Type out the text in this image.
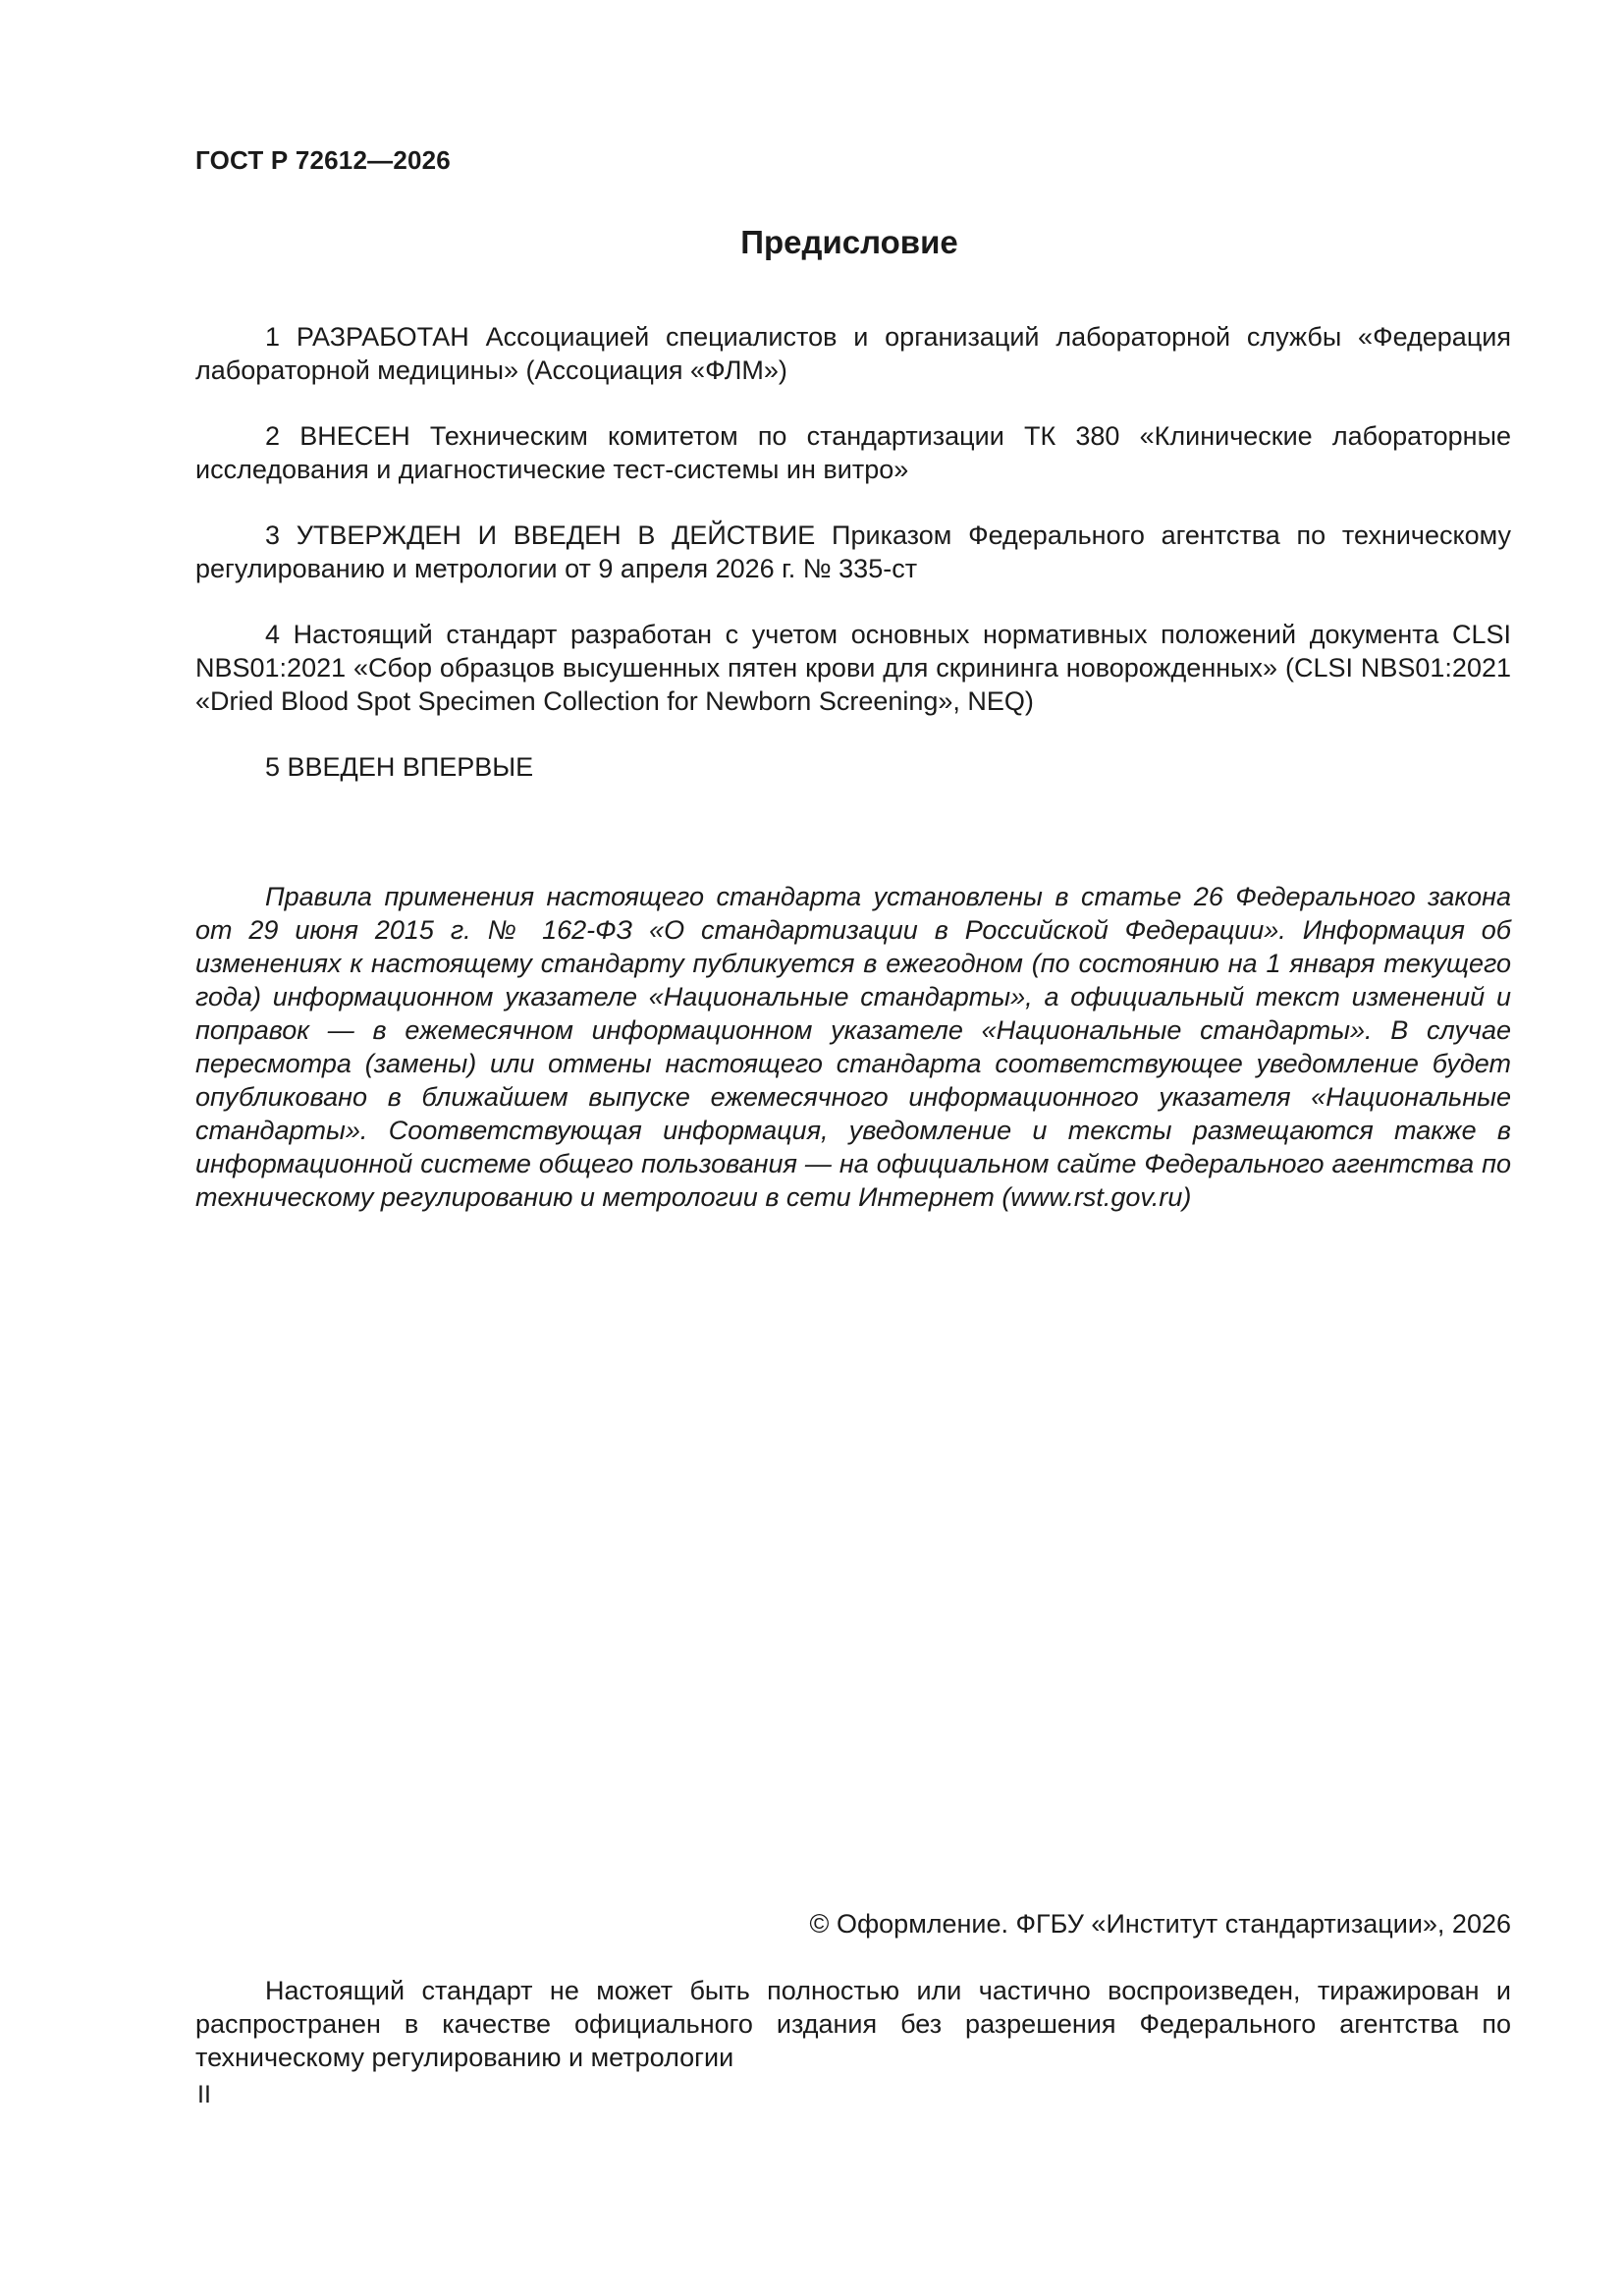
ГОСТ Р 72612—2026
Предисловие

1 РАЗРАБОТАН Ассоциацией специалистов и организаций лабораторной службы «Федерация лабораторной медицины» (Ассоциация «ФЛМ»)

2 ВНЕСЕН Техническим комитетом по стандартизации ТК 380 «Клинические лабораторные исследования и диагностические тест-системы ин витро»

3 УТВЕРЖДЕН И ВВЕДЕН В ДЕЙСТВИЕ Приказом Федерального агентства по техническому регулированию и метрологии от 9 апреля 2026 г. № 335-ст

4 Настоящий стандарт разработан с учетом основных нормативных положений документа CLSI NBS01:2021 «Сбор образцов высушенных пятен крови для скрининга новорожденных» (CLSI NBS01:2021 «Dried Blood Spot Specimen Collection for Newborn Screening», NEQ)

5 ВВЕДЕН ВПЕРВЫЕ

Правила применения настоящего стандарта установлены в статье 26 Федерального закона от 29 июня 2015 г. № 162-ФЗ «О стандартизации в Российской Федерации». Информация об изменениях к настоящему стандарту публикуется в ежегодном (по состоянию на 1 января текущего года) информационном указателе «Национальные стандарты», а официальный текст изменений и поправок — в ежемесячном информационном указателе «Национальные стандарты». В случае пересмотра (замены) или отмены настоящего стандарта соответствующее уведомление будет опубликовано в ближайшем выпуске ежемесячного информационного указателя «Национальные стандарты». Соответствующая информация, уведомление и тексты размещаются также в информационной системе общего пользования — на официальном сайте Федерального агентства по техническому регулированию и метрологии в сети Интернет (www.rst.gov.ru)

© Оформление. ФГБУ «Институт стандартизации», 2026

Настоящий стандарт не может быть полностью или частично воспроизведен, тиражирован и распространен в качестве официального издания без разрешения Федерального агентства по техническому регулированию и метрологии

II
